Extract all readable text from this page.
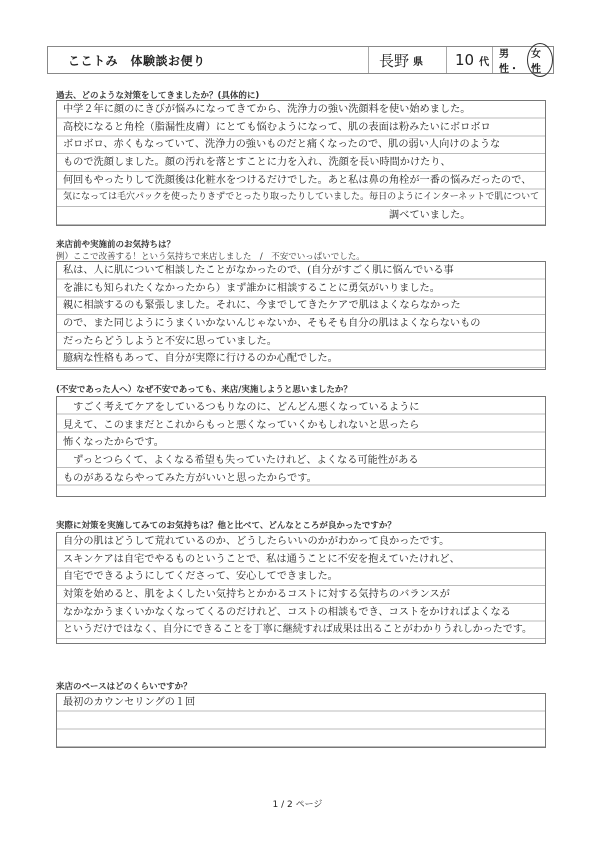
ここトみ　体験談お便り	長野 県 10 代
男性・
女性
過去、どのような対策をしてきましたか？(具体的に)
中学２年に顔のにきびが悩みになってきてから、洗浄力の強い洗顔料を使い始めました。
高校になると角栓（脂漏性皮膚）にとても悩むようになって、肌の表面は粉みたいにボロボロ
ボロボロ、赤くもなっていて、洗浄力の強いものだと痛くなったので、肌の弱い人向けのような
もので洗顔しました。顔の汚れを落とすことに力を入れ、洗顔を長い時間かけたり、
何回もやったりして洗顔後は化粧水をつけるだけでした。あと私は鼻の角栓が一番の悩みだったので、
気になっては毛穴パックを使ったりきずでとったり取ったりしていました。毎日のようにインターネットで肌について
　　　　　　　　　　　　　　　　　　　　　　　　　　　　　　　　調べていました。
来店前や実施前のお気持ちは？
例）ここで改善する！という気持ちで来店しました　/　不安でいっぱいでした。
私は、人に肌について相談したことがなかったので、(自分がすごく肌に悩んでいる事
を誰にも知られたくなかったから）まず誰かに相談することに勇気がいりました。
親に相談するのも緊張しました。それに、今までしてきたケアで肌はよくならなかった
ので、また同じようにうまくいかないんじゃないか、そもそも自分の肌はよくならないもの
だったらどうしようと不安に思っていました。
臆病な性格もあって、自分が実際に行けるのか心配でした。
(不安であった人へ）なぜ不安であっても、来店/実施しようと思いましたか？
　すごく考えてケアをしているつもりなのに、どんどん悪くなっているように
見えて、このままだとこれからもっと悪くなっていくかもしれないと思ったら
怖くなったからです。
　ずっとつらくて、よくなる希望も失っていたけれど、よくなる可能性がある
ものがあるならやってみた方がいいと思ったからです。
実際に対策を実施してみてのお気持ちは？他と比べて、どんなところが良かったですか？
自分の肌はどうして荒れているのか、どうしたらいいのかがわかって良かったです。
スキンケアは自宅でやるものということで、私は通うことに不安を抱えていたけれど、
自宅でできるようにしてくださって、安心してできました。
対策を始めると、肌をよくしたい気持ちとかかるコストに対する気持ちのバランスが
なかなかうまくいかなくなってくるのだけれど、コストの相談もでき、コストをかければよくなる
というだけではなく、自分にできることを丁寧に継続すれば成果は出ることがわかりうれしかったです。
来店のペースはどのくらいですか？
最初のカウンセリングの１回
1 / 2 ページ
